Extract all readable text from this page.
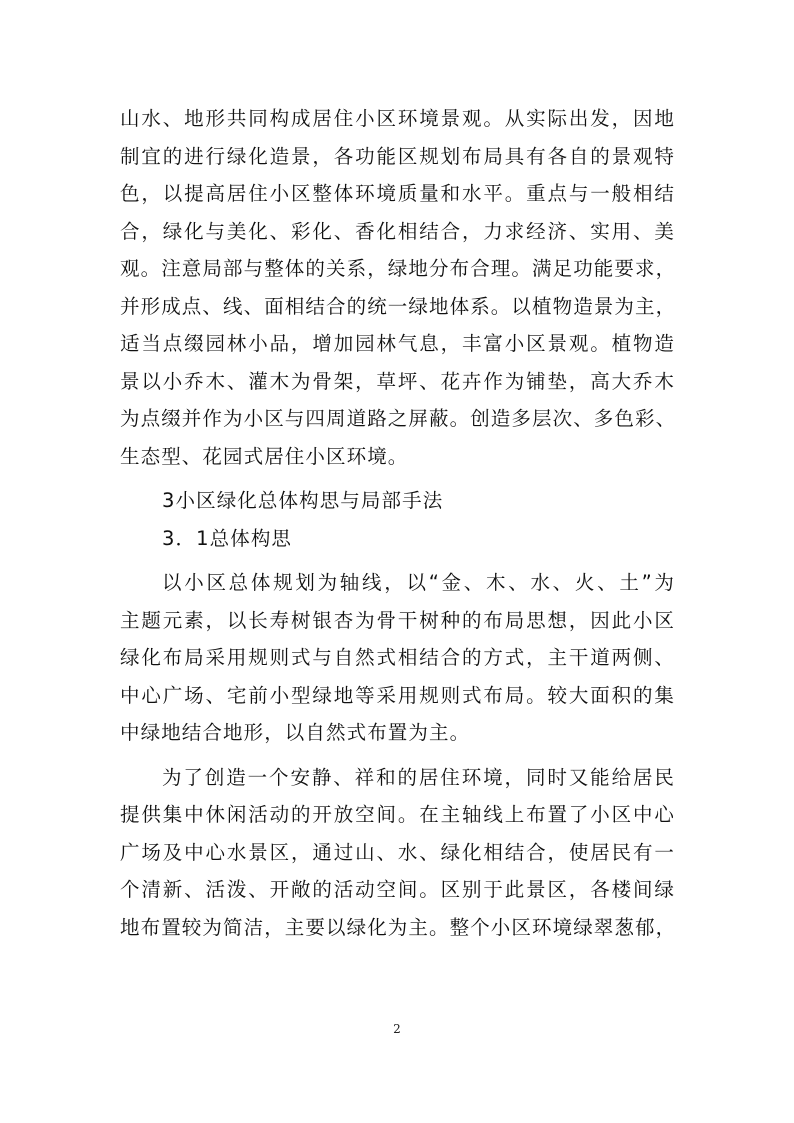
山水、地形共同构成居住小区环境景观。从实际出发，因地
制宜的进行绿化造景，各功能区规划布局具有各自的景观特
色，以提高居住小区整体环境质量和水平。重点与一般相结
合，绿化与美化、彩化、香化相结合，力求经济、实用、美
观。注意局部与整体的关系，绿地分布合理。满足功能要求，
并形成点、线、面相结合的统一绿地体系。以植物造景为主，
适当点缀园林小品，增加园林气息，丰富小区景观。植物造
景以小乔木、灌木为骨架，草坪、花卉作为铺垫，高大乔木
为点缀并作为小区与四周道路之屏蔽。创造多层次、多色彩、
生态型、花园式居住小区环境。
3小区绿化总体构思与局部手法
3．1总体构思
以小区总体规划为轴线，以“金、木、水、火、土”为
主题元素，以长寿树银杏为骨干树种的布局思想，因此小区
绿化布局采用规则式与自然式相结合的方式，主干道两侧、
中心广场、宅前小型绿地等采用规则式布局。较大面积的集
中绿地结合地形，以自然式布置为主。
为了创造一个安静、祥和的居住环境，同时又能给居民
提供集中休闲活动的开放空间。在主轴线上布置了小区中心
广场及中心水景区，通过山、水、绿化相结合，使居民有一
个清新、活泼、开敞的活动空间。区别于此景区，各楼间绿
地布置较为简洁，主要以绿化为主。整个小区环境绿翠葱郁，
2
